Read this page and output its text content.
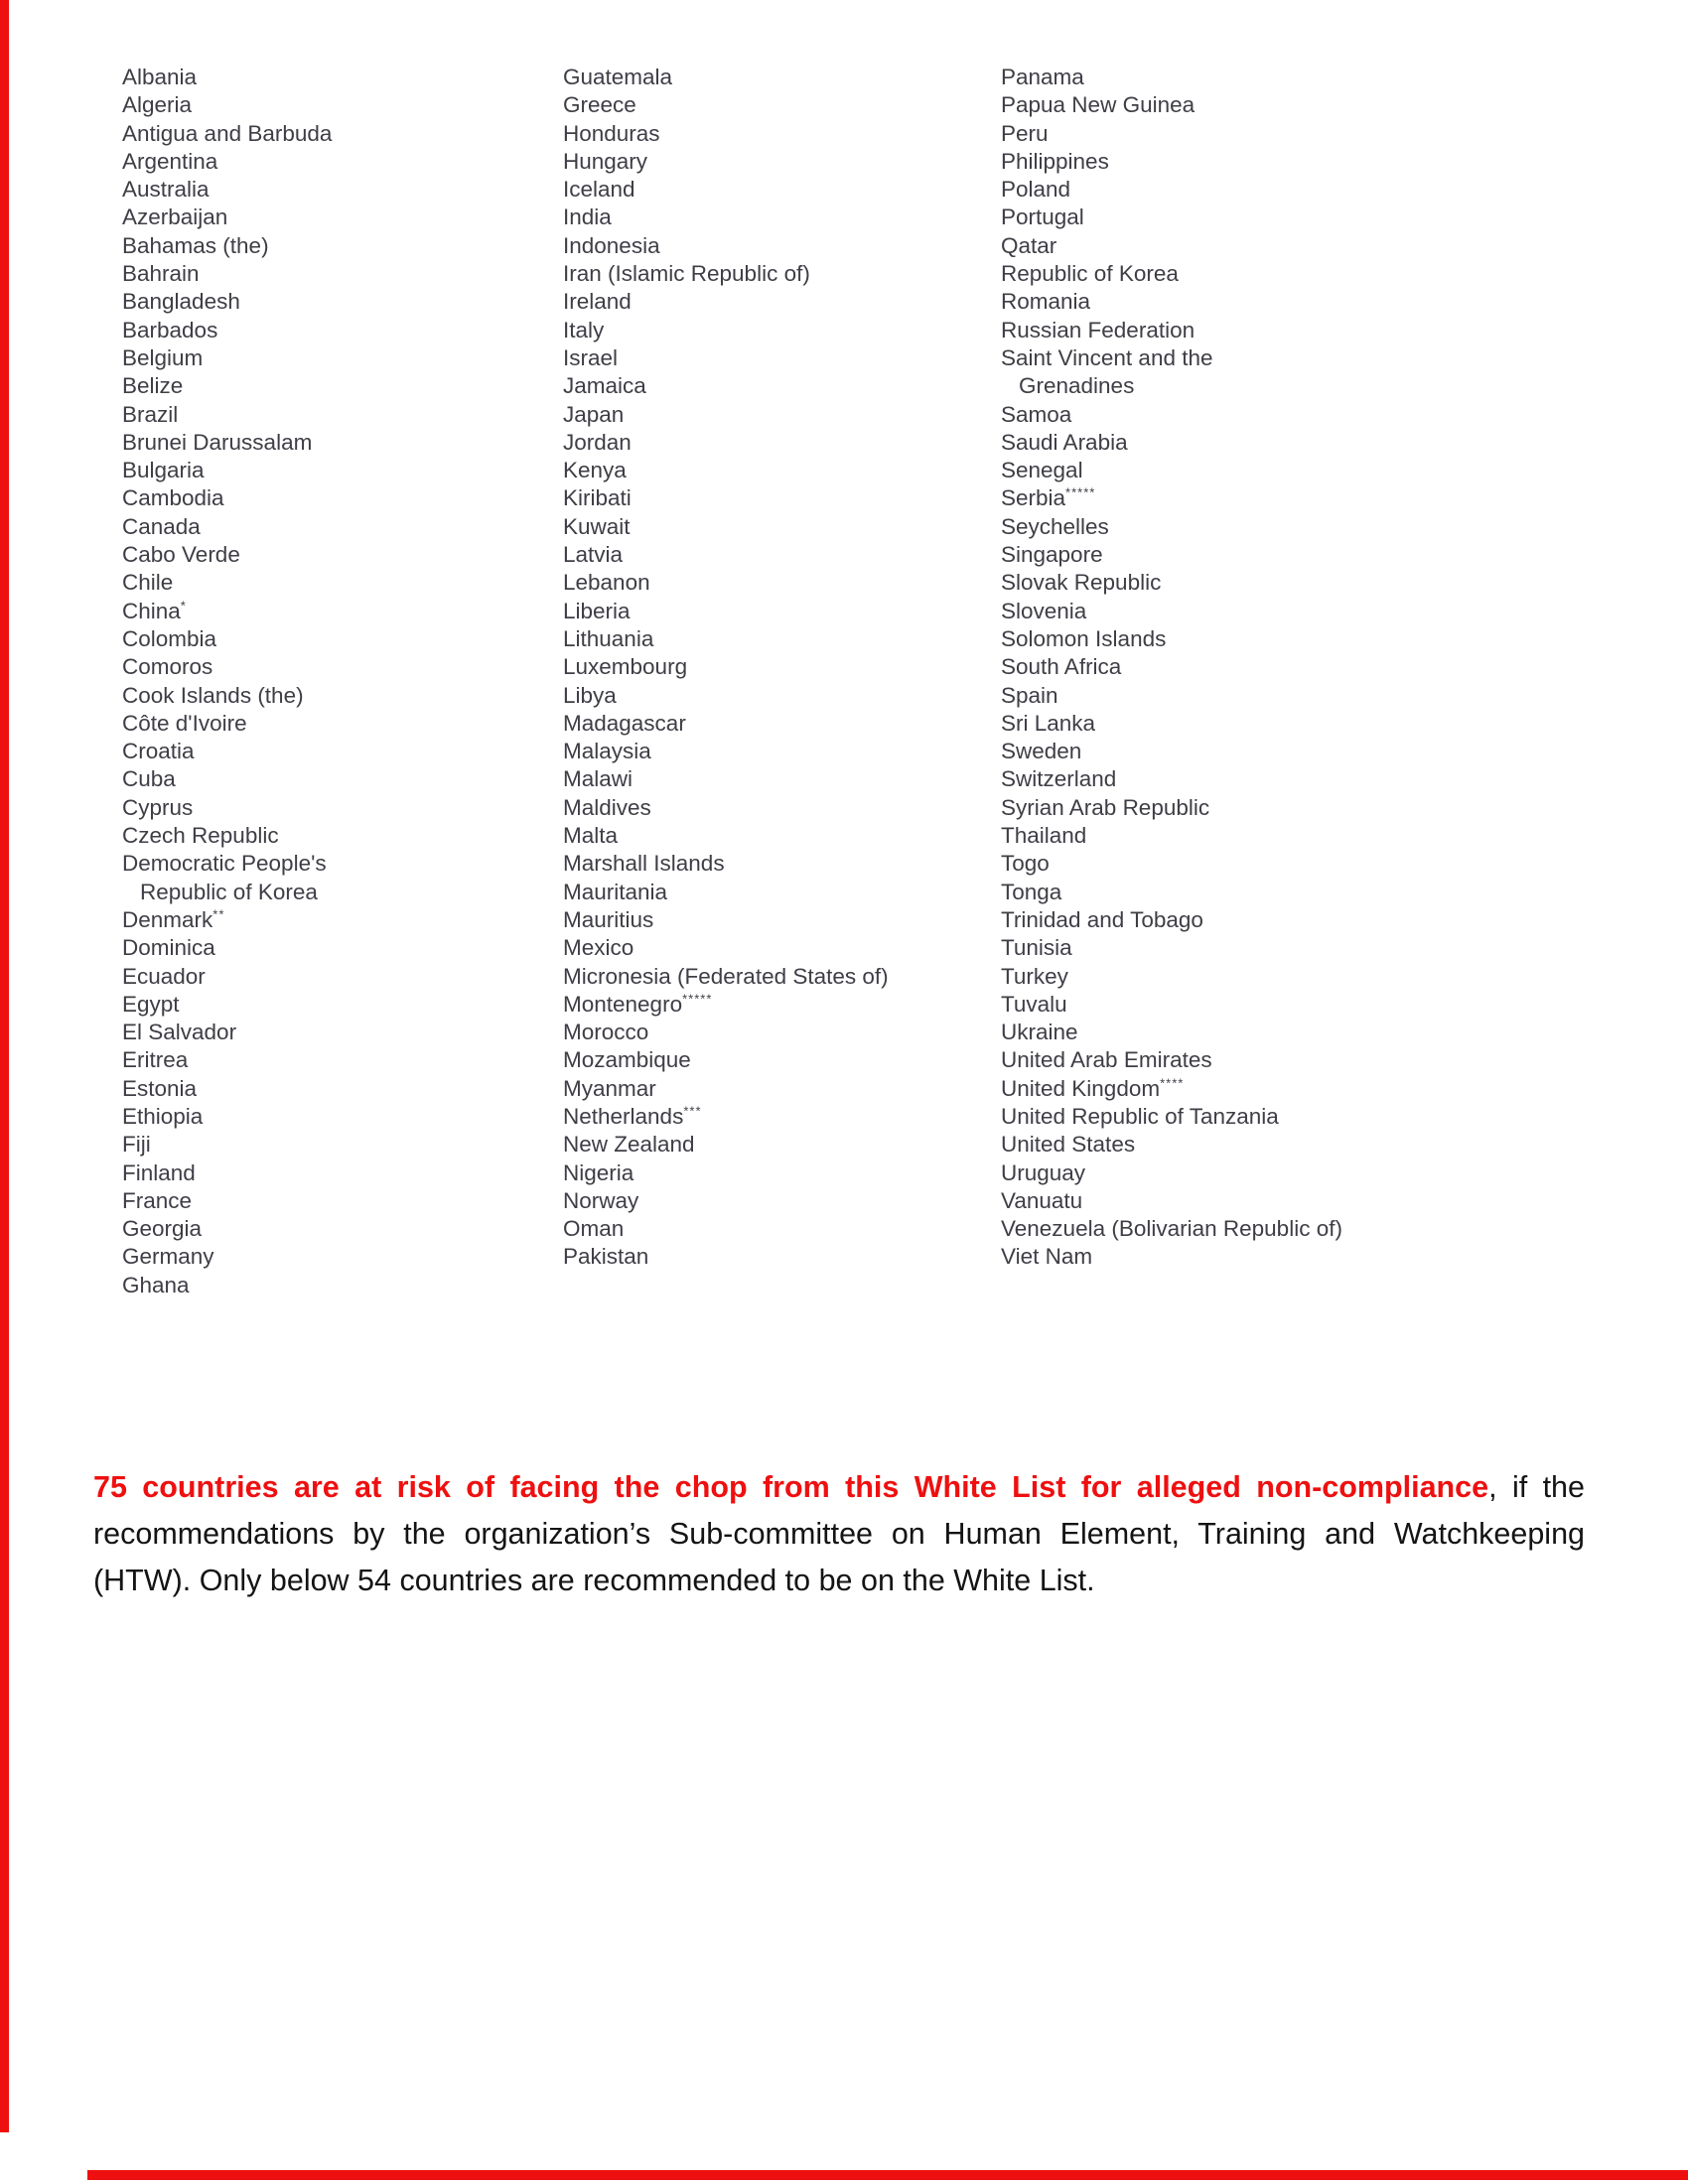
Albania
Algeria
Antigua and Barbuda
Argentina
Australia
Azerbaijan
Bahamas (the)
Bahrain
Bangladesh
Barbados
Belgium
Belize
Brazil
Brunei Darussalam
Bulgaria
Cambodia
Canada
Cabo Verde
Chile
China*
Colombia
Comoros
Cook Islands (the)
Côte d'Ivoire
Croatia
Cuba
Cyprus
Czech Republic
Democratic People's
Republic of Korea
Denmark**
Dominica
Ecuador
Egypt
El Salvador
Eritrea
Estonia
Ethiopia
Fiji
Finland
France
Georgia
Germany
Ghana
Guatemala
Greece
Honduras
Hungary
Iceland
India
Indonesia
Iran (Islamic Republic of)
Ireland
Italy
Israel
Jamaica
Japan
Jordan
Kenya
Kiribati
Kuwait
Latvia
Lebanon
Liberia
Lithuania
Luxembourg
Libya
Madagascar
Malaysia
Malawi
Maldives
Malta
Marshall Islands
Mauritania
Mauritius
Mexico
Micronesia (Federated States of)
Montenegro*****
Morocco
Mozambique
Myanmar
Netherlands***
New Zealand
Nigeria
Norway
Oman
Pakistan
Panama
Papua New Guinea
Peru
Philippines
Poland
Portugal
Qatar
Republic of Korea
Romania
Russian Federation
Saint Vincent and the
Grenadines
Samoa
Saudi Arabia
Senegal
Serbia*****
Seychelles
Singapore
Slovak Republic
Slovenia
Solomon Islands
South Africa
Spain
Sri Lanka
Sweden
Switzerland
Syrian Arab Republic
Thailand
Togo
Tonga
Trinidad and Tobago
Tunisia
Turkey
Tuvalu
Ukraine
United Arab Emirates
United Kingdom****
United Republic of Tanzania
United States
Uruguay
Vanuatu
Venezuela (Bolivarian Republic of)
Viet Nam

75 countries are at risk of facing the chop from this White List for alleged non-compliance, if the recommendations by the organization’s Sub-committee on Human Element, Training and Watchkeeping (HTW). Only below 54 countries are recommended to be on the White List.
